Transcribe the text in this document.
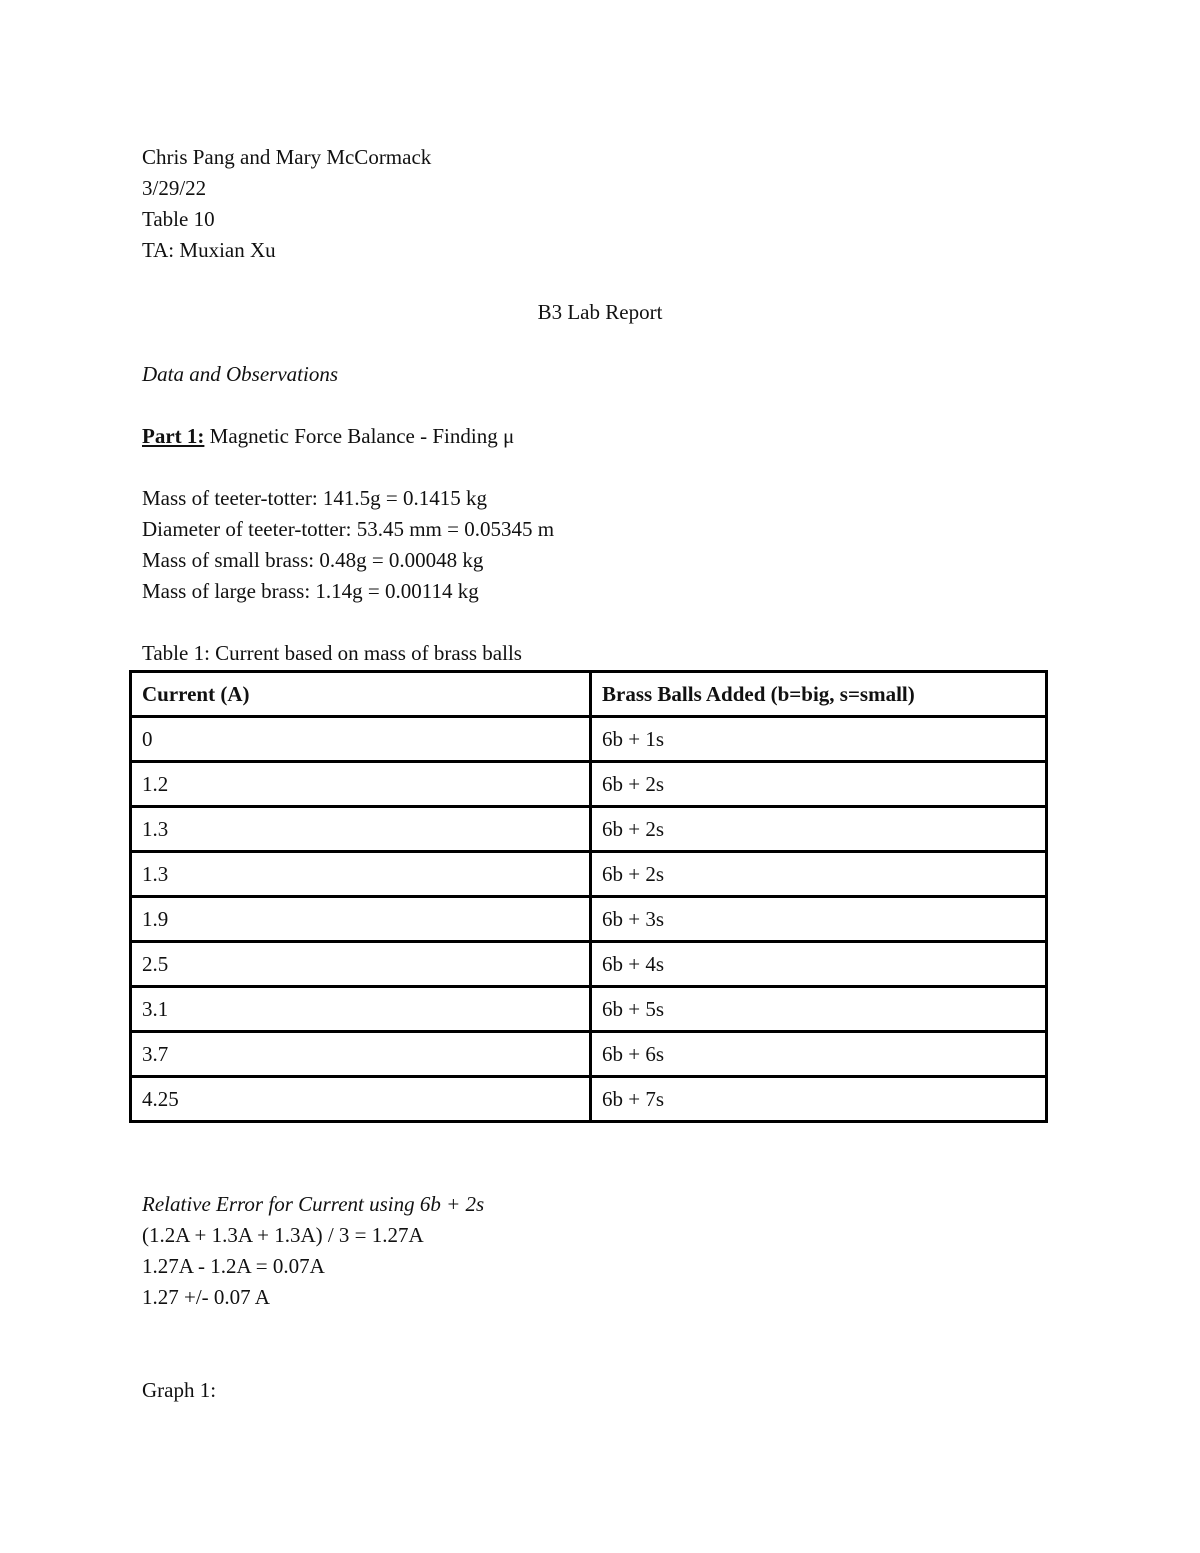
Chris Pang and Mary McCormack
3/29/22
Table 10
TA: Muxian Xu
B3 Lab Report
Data and Observations
Part 1: Magnetic Force Balance - Finding μ
Mass of teeter-totter: 141.5g = 0.1415 kg
Diameter of teeter-totter: 53.45 mm = 0.05345 m
Mass of small brass: 0.48g = 0.00048 kg
Mass of large brass: 1.14g = 0.00114 kg
Table 1: Current based on mass of brass balls
Current (A)	Brass Balls Added (b=big, s=small)
0	6b + 1s
1.2	6b + 2s
1.3	6b + 2s
1.3	6b + 2s
1.9	6b + 3s
2.5	6b + 4s
3.1	6b + 5s
3.7	6b + 6s
4.25	6b + 7s
Relative Error for Current using 6b + 2s
(1.2A + 1.3A + 1.3A) / 3 = 1.27A
1.27A - 1.2A = 0.07A
1.27 +/- 0.07 A
Graph 1:
